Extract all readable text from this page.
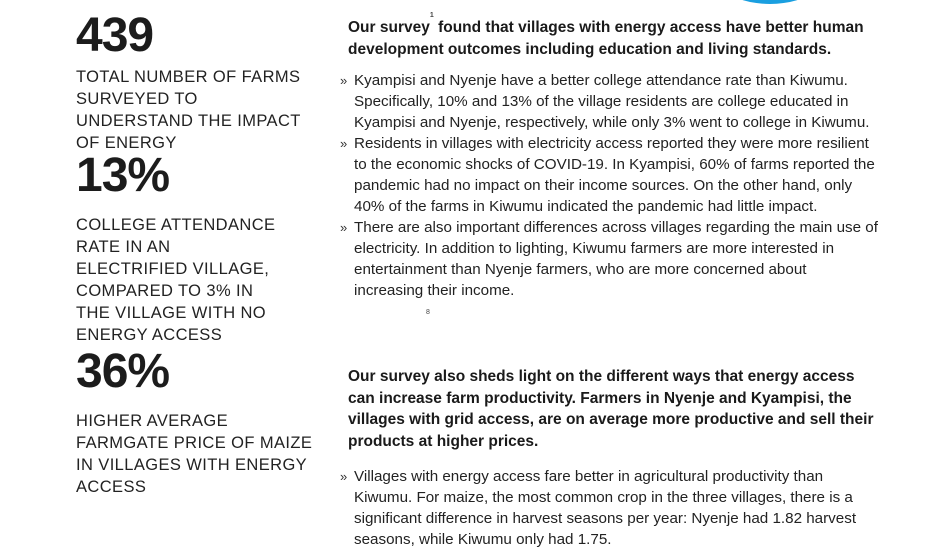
439
TOTAL NUMBER OF FARMS SURVEYED TO UNDERSTAND THE IMPACT OF ENERGY
13%
COLLEGE ATTENDANCE RATE IN AN ELECTRIFIED VILLAGE, COMPARED TO 3% IN THE VILLAGE WITH NO ENERGY ACCESS
36%
HIGHER AVERAGE FARMGATE PRICE OF MAIZE IN VILLAGES WITH ENERGY ACCESS
Our survey$^1$ found that villages with energy access have better human development outcomes including education and living standards.
» Kyampisi and Nyenje have a better college attendance rate than Kiwumu. Specifically, 10% and 13% of the village residents are college educated in Kyampisi and Nyenje, respectively, while only 3% went to college in Kiwumu.
» Residents in villages with electricity access reported they were more resilient to the economic shocks of COVID-19. In Kyampisi, 60% of farms reported the pandemic had no impact on their income sources. On the other hand, only 40% of the farms in Kiwumu indicated the pandemic had little impact.
» There are also important differences across villages regarding the main use of electricity. In addition to lighting, Kiwumu farmers are more interested in entertainment than Nyenje farmers, who are more concerned about increasing their income.
8
Our survey also sheds light on the different ways that energy access can increase farm productivity. Farmers in Nyenje and Kyampisi, the villages with grid access, are on average more productive and sell their products at higher prices.
» Villages with energy access fare better in agricultural productivity than Kiwumu. For maize, the most common crop in the three villages, there is a significant difference in harvest seasons per year: Nyenje had 1.82 harvest seasons, while Kiwumu only had 1.75.
